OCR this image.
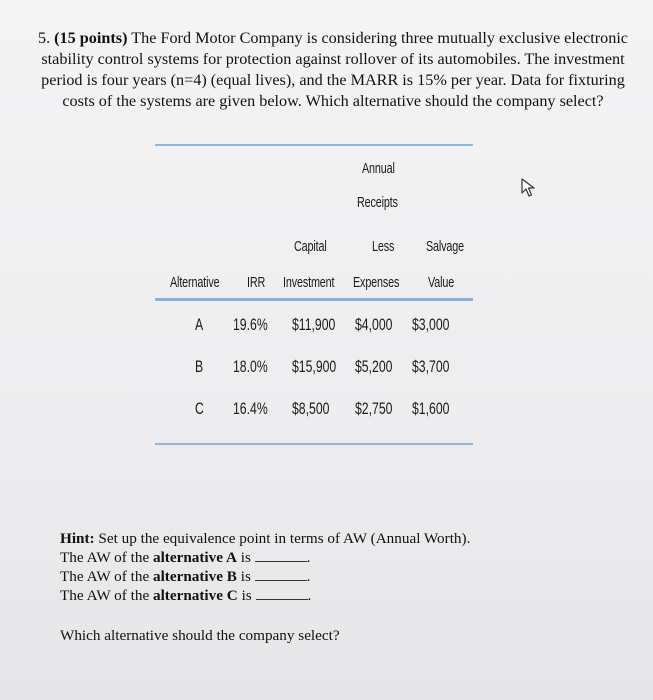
5. (15 points) The Ford Motor Company is considering three mutually exclusive electronic stability control systems for protection against rollover of its automobiles. The investment period is four years (n=4) (equal lives), and the MARR is 15% per year. Data for fixturing costs of the systems are given below. Which alternative should the company select?
Annual
Receipts
Capital	Less Salvage
Alternative IRR Investment Expenses Value
A 19.6% $11,900 $4,000 $3,000
B 18.0% $15,900 $5,200 $3,700
C 16.4% $8,500 $2,750 $1,600
Hint: Set up the equivalence point in terms of AW (Annual Worth).
The AW of the alternative A is	.
The AW of the alternative B is	.
The AW of the alternative C is	.
Which alternative should the company select?
